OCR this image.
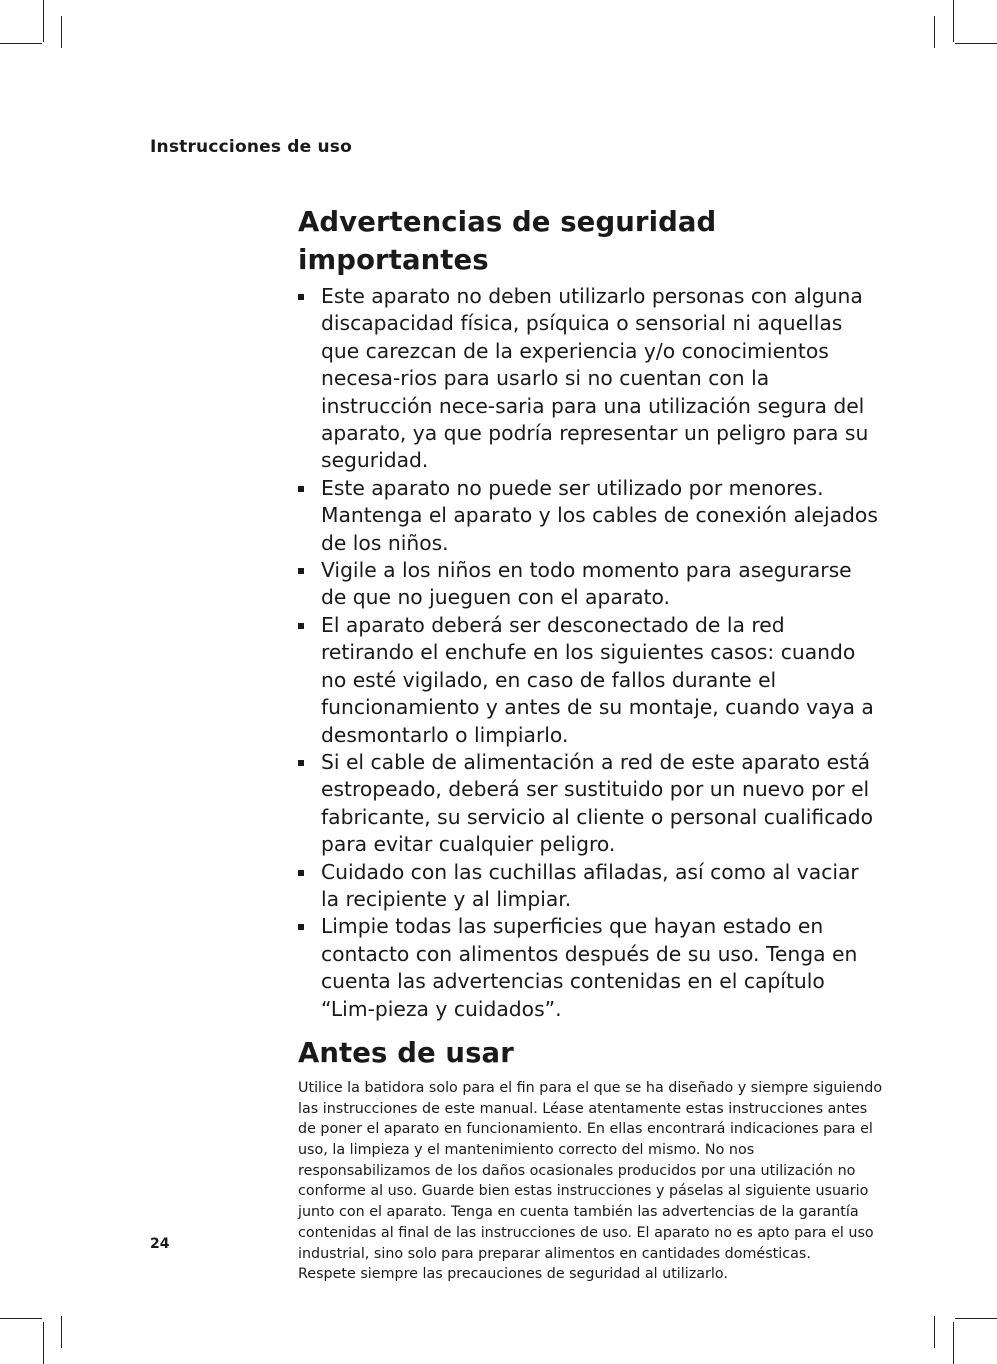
Instrucciones de uso
Advertencias de seguridad importantes
Este aparato no deben utilizarlo personas con alguna discapacidad física, psíquica o sensorial ni aquellas que carezcan de la experiencia y/o conocimientos necesa-rios para usarlo si no cuentan con la instrucción nece-saria para una utilización segura del aparato, ya que podría representar un peligro para su seguridad.
Este aparato no puede ser utilizado por menores. Mantenga el aparato y los cables de conexión alejados de los niños.
Vigile a los niños en todo momento para asegurarse de que no jueguen con el aparato.
El aparato deberá ser desconectado de la red retirando el enchufe en los siguientes casos: cuando no esté vigilado, en caso de fallos durante el funcionamiento y antes de su montaje, cuando vaya a desmontarlo o limpiarlo.
Si el cable de alimentación a red de este aparato está estropeado, deberá ser sustituido por un nuevo por el fabricante, su servicio al cliente o personal cualificado para evitar cualquier peligro.
Cuidado con las cuchillas afiladas, así como al vaciar la recipiente y al limpiar.
Limpie todas las superficies que hayan estado en contacto con alimentos después de su uso. Tenga en cuenta las advertencias contenidas en el capítulo “Lim-pieza y cuidados”.
Antes de usar

Utilice la batidora solo para el fin para el que se ha diseñado y siempre siguiendo las instrucciones de este manual. Léase atentamente estas instrucciones antes de poner el aparato en funcionamiento. En ellas encontrará indicaciones para el uso, la limpieza y el mantenimiento correcto del mismo. No nos responsabilizamos de los daños ocasionales producidos por una utilización no conforme al uso. Guarde bien estas instrucciones y páselas al siguiente usuario junto con el aparato. Tenga en cuenta también las advertencias de la garantía contenidas al final de las instrucciones de uso. El aparato no es apto para el uso industrial, sino solo para preparar alimentos en cantidades domésticas.

Respete siempre las precauciones de seguridad al utilizarlo.

24
